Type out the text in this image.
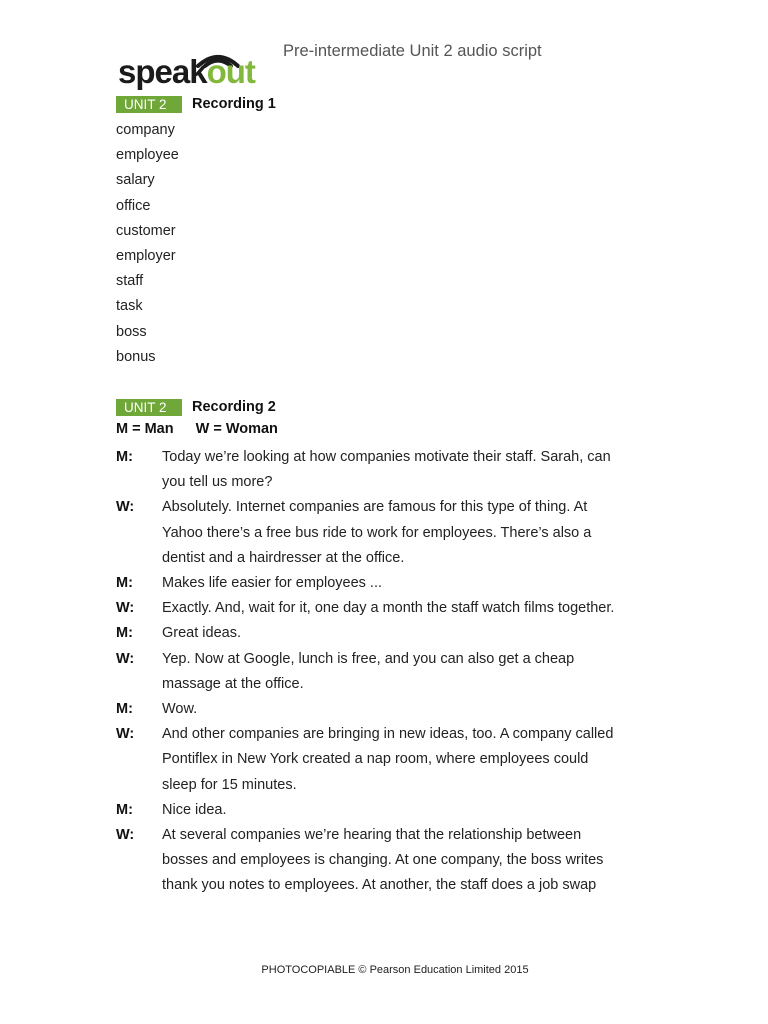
speakout
Pre-intermediate Unit 2 audio script
UNIT 2	Recording 1
company
employee
salary
office
customer
employer
staff
task
boss
bonus
UNIT 2	Recording 2
M = Man W = Woman
M:	Today we’re looking at how companies motivate their staff. Sarah, can
you tell us more?
W:	Absolutely. Internet companies are famous for this type of thing. At
Yahoo there’s a free bus ride to work for employees. There’s also a
dentist and a hairdresser at the office.
M:	Makes life easier for employees ...
W:	Exactly. And, wait for it, one day a month the staff watch films together.
M:	Great ideas.
W:	Yep. Now at Google, lunch is free, and you can also get a cheap
massage at the office.
M:	Wow.
W:	And other companies are bringing in new ideas, too. A company called
Pontiflex in New York created a nap room, where employees could
sleep for 15 minutes.
M:	Nice idea.
W:	At several companies we’re hearing that the relationship between
bosses and employees is changing. At one company, the boss writes
thank you notes to employees. At another, the staff does a job swap
PHOTOCOPIABLE © Pearson Education Limited 2015
